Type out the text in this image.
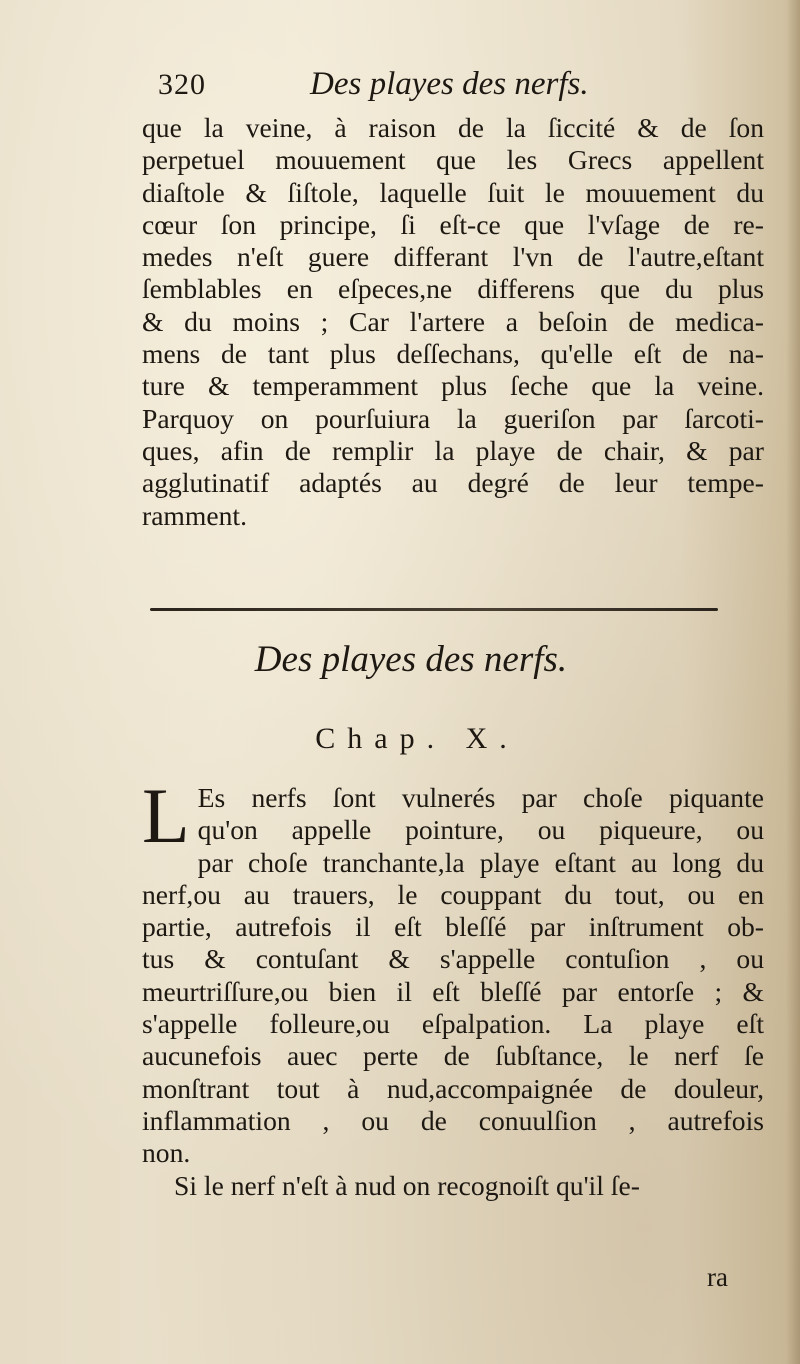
320	Des playes des nerfs.
que la veine, à raison de la ſiccité & de ſon
perpetuel mouuement que les Grecs appellent
diaſtole & ſiſtole, laquelle ſuit le mouuement du
cœur ſon principe, ſi eſt-ce que l'vſage de re-
medes n'eſt guere differant l'vn de l'autre,eſtant
ſemblables en eſpeces,ne differens que du plus
& du moins ; Car l'artere a beſoin de medica-
mens de tant plus deſſechans, qu'elle eſt de na-
ture & temperamment plus ſeche que la veine.
Parquoy on pourſuiura la gueriſon par ſarcoti-
ques, afin de remplir la playe de chair, & par
agglutinatif adaptés au degré de leur tempe-
ramment.
Des playes des nerfs.
Chap. X.
L Es nerfs ſont vulnerés par choſe piquante
qu'on appelle pointure, ou piqueure, ou
par choſe tranchante,la playe eſtant au long du
nerf,ou au trauers, le couppant du tout, ou en
partie, autrefois il eſt bleſſé par inſtrument ob-
tus & contuſant & s'appelle contuſion , ou
meurtriſſure,ou bien il eſt bleſſé par entorſe ; &
s'appelle folleure,ou eſpalpation. La playe eſt
aucunefois auec perte de ſubſtance, le nerf ſe
monſtrant tout à nud,accompaignée de douleur,
inflammation , ou de conuulſion , autrefois
non.
Si le nerf n'eſt à nud on recognoiſt qu'il ſe-
ra
